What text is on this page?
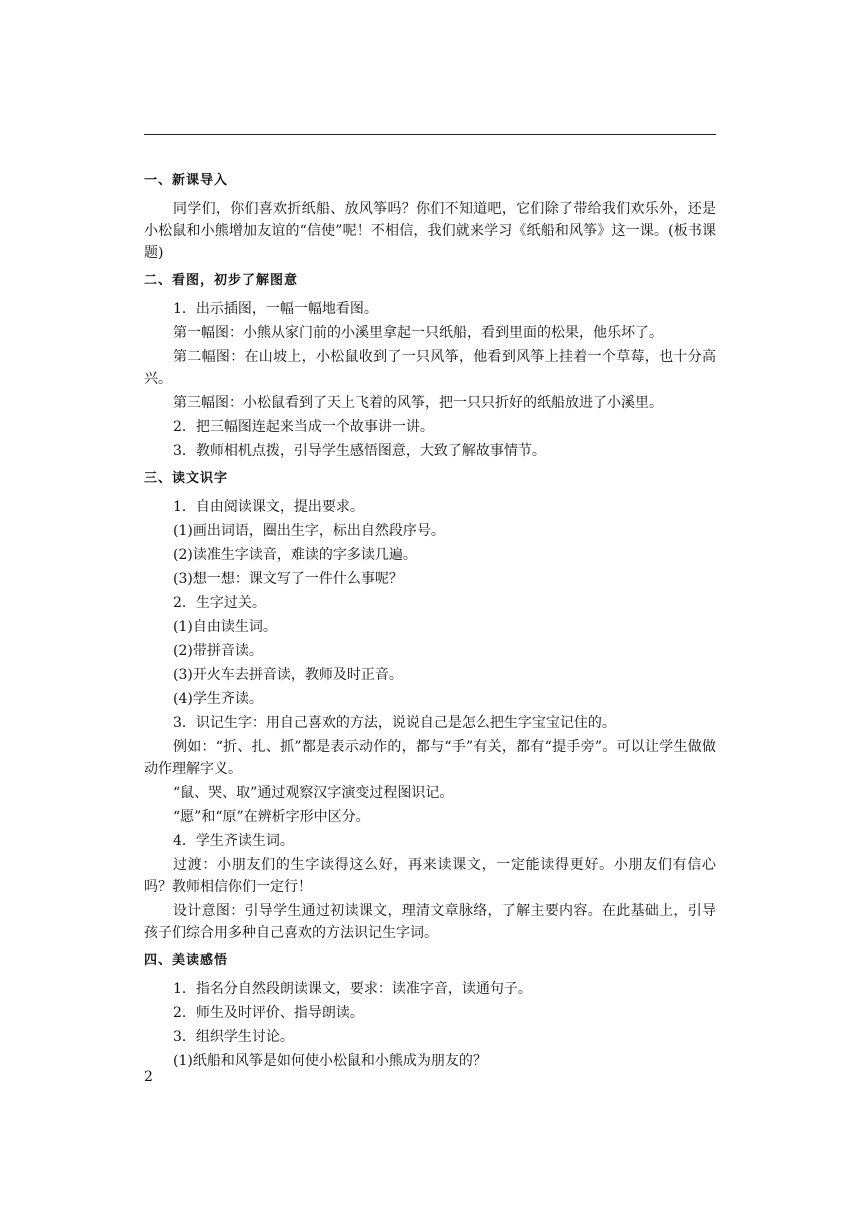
一、新课导入
同学们，你们喜欢折纸船、放风筝吗？你们不知道吧，它们除了带给我们欢乐外，还是小松鼠和小熊增加友谊的“信使”呢！不相信，我们就来学习《纸船和风筝》这一课。(板书课题)
二、看图，初步了解图意
1．出示插图，一幅一幅地看图。
第一幅图：小熊从家门前的小溪里拿起一只纸船，看到里面的松果，他乐坏了。
第二幅图：在山坡上，小松鼠收到了一只风筝，他看到风筝上挂着一个草莓，也十分高兴。
第三幅图：小松鼠看到了天上飞着的风筝，把一只只折好的纸船放进了小溪里。
2．把三幅图连起来当成一个故事讲一讲。
3．教师相机点拨，引导学生感悟图意，大致了解故事情节。
三、读文识字
1．自由阅读课文，提出要求。
(1)画出词语，圈出生字，标出自然段序号。
(2)读准生字读音，难读的字多读几遍。
(3)想一想：课文写了一件什么事呢？
2．生字过关。
(1)自由读生词。
(2)带拼音读。
(3)开火车去拼音读，教师及时正音。
(4)学生齐读。
3．识记生字：用自己喜欢的方法，说说自己是怎么把生字宝宝记住的。
例如：“折、扎、抓”都是表示动作的，都与“手”有关，都有“提手旁”。可以让学生做做动作理解字义。
“鼠、哭、取”通过观察汉字演变过程图识记。
“愿”和“原”在辨析字形中区分。
4．学生齐读生词。
过渡：小朋友们的生字读得这么好，再来读课文，一定能读得更好。小朋友们有信心吗？教师相信你们一定行！
设计意图：引导学生通过初读课文，理清文章脉络，了解主要内容。在此基础上，引导孩子们综合用多种自己喜欢的方法识记生字词。
四、美读感悟
1．指名分自然段朗读课文，要求：读准字音，读通句子。
2．师生及时评价、指导朗读。
3．组织学生讨论。
(1)纸船和风筝是如何使小松鼠和小熊成为朋友的？
2
